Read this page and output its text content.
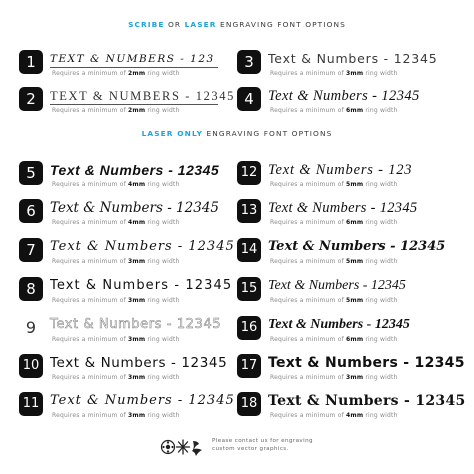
SCRIBE OR LASER ENGRAVING FONT OPTIONS
LASER ONLY ENGRAVING FONT OPTIONS
1	TEXT & NUMBERS - 123
Requires a minimum of 2mm ring width
2	TEXT & NUMBERS - 12345
Requires a minimum of 2mm ring width
3	Text & Numbers - 12345
Requires a minimum of 3mm ring width
4 Text & Numbers - 12345
Requires a minimum of 6mm ring width
5	Text & Numbers - 12345
Requires a minimum of 4mm ring width
6	Text & Numbers - 12345
Requires a minimum of 4mm ring width
7	Text & Numbers - 12345
Requires a minimum of 3mm ring width
8	Text & Numbers - 12345
Requires a minimum of 3mm ring width
9	Text & Numbers - 12345
Requires a minimum of 3mm ring width
10 Text & Numbers - 12345
Requires a minimum of 3mm ring width
11 Text & Numbers - 12345
Requires a minimum of 3mm ring width
12 Text & Numbers - 123
Requires a minimum of 5mm ring width
13 Text & Numbers - 12345
Requires a minimum of 6mm ring width
14 Text & Numbers - 12345
Requires a minimum of 5mm ring width
15 Text & Numbers - 12345
Requires a minimum of 5mm ring width
16 Text & Numbers - 12345
Requires a minimum of 6mm ring width
17 Text & Numbers - 12345
Requires a minimum of 3mm ring width
18 Text & Numbers - 12345
Requires a minimum of 4mm ring width
Please contact us for engraving custom vector graphics.
